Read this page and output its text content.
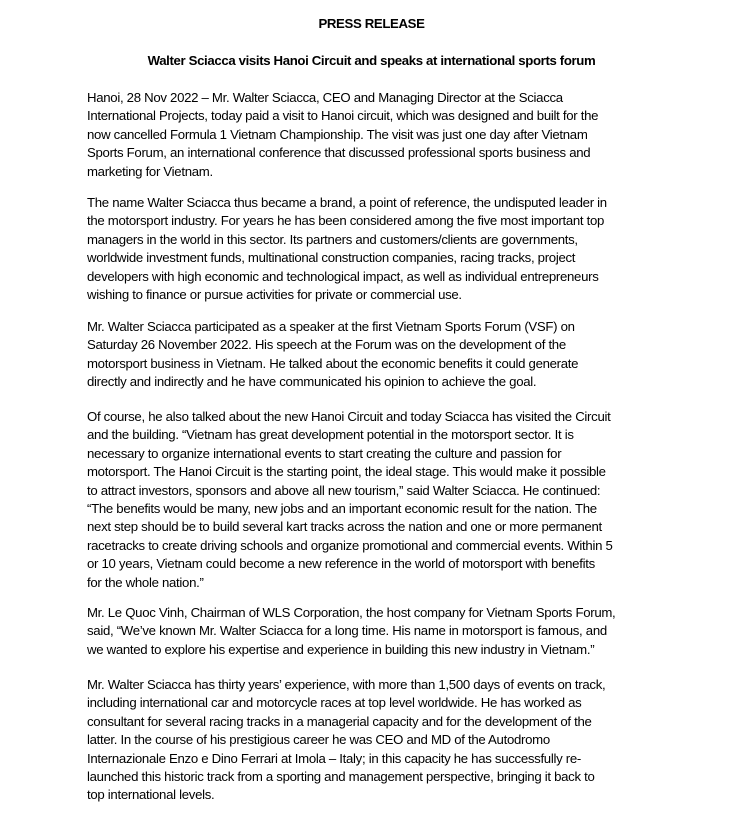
PRESS RELEASE
Walter Sciacca visits Hanoi Circuit and speaks at international sports forum
Hanoi, 28 Nov 2022 – Mr. Walter Sciacca, CEO and Managing Director at the Sciacca
International Projects, today paid a visit to Hanoi circuit, which was designed and built for the
now cancelled Formula 1 Vietnam Championship. The visit was just one day after Vietnam
Sports Forum, an international conference that discussed professional sports business and
marketing for Vietnam.
The name Walter Sciacca thus became a brand, a point of reference, the undisputed leader in
the motorsport industry. For years he has been considered among the five most important top
managers in the world in this sector. Its partners and customers/clients are governments,
worldwide investment funds, multinational construction companies, racing tracks, project
developers with high economic and technological impact, as well as individual entrepreneurs
wishing to finance or pursue activities for private or commercial use.
Mr. Walter Sciacca participated as a speaker at the first Vietnam Sports Forum (VSF) on
Saturday 26 November 2022. His speech at the Forum was on the development of the
motorsport business in Vietnam. He talked about the economic benefits it could generate
directly and indirectly and he have communicated his opinion to achieve the goal.
Of course, he also talked about the new Hanoi Circuit and today Sciacca has visited the Circuit
and the building. “Vietnam has great development potential in the motorsport sector. It is
necessary to organize international events to start creating the culture and passion for
motorsport. The Hanoi Circuit is the starting point, the ideal stage. This would make it possible
to attract investors, sponsors and above all new tourism,” said Walter Sciacca. He continued:
“The benefits would be many, new jobs and an important economic result for the nation. The
next step should be to build several kart tracks across the nation and one or more permanent
racetracks to create driving schools and organize promotional and commercial events. Within 5
or 10 years, Vietnam could become a new reference in the world of motorsport with benefits
for the whole nation.”
Mr. Le Quoc Vinh, Chairman of WLS Corporation, the host company for Vietnam Sports Forum,
said, “We’ve known Mr. Walter Sciacca for a long time. His name in motorsport is famous, and
we wanted to explore his expertise and experience in building this new industry in Vietnam.”
Mr. Walter Sciacca has thirty years’ experience, with more than 1,500 days of events on track,
including international car and motorcycle races at top level worldwide. He has worked as
consultant for several racing tracks in a managerial capacity and for the development of the
latter. In the course of his prestigious career he was CEO and MD of the Autodromo
Internazionale Enzo e Dino Ferrari at Imola – Italy; in this capacity he has successfully re-
launched this historic track from a sporting and management perspective, bringing it back to
top international levels.
